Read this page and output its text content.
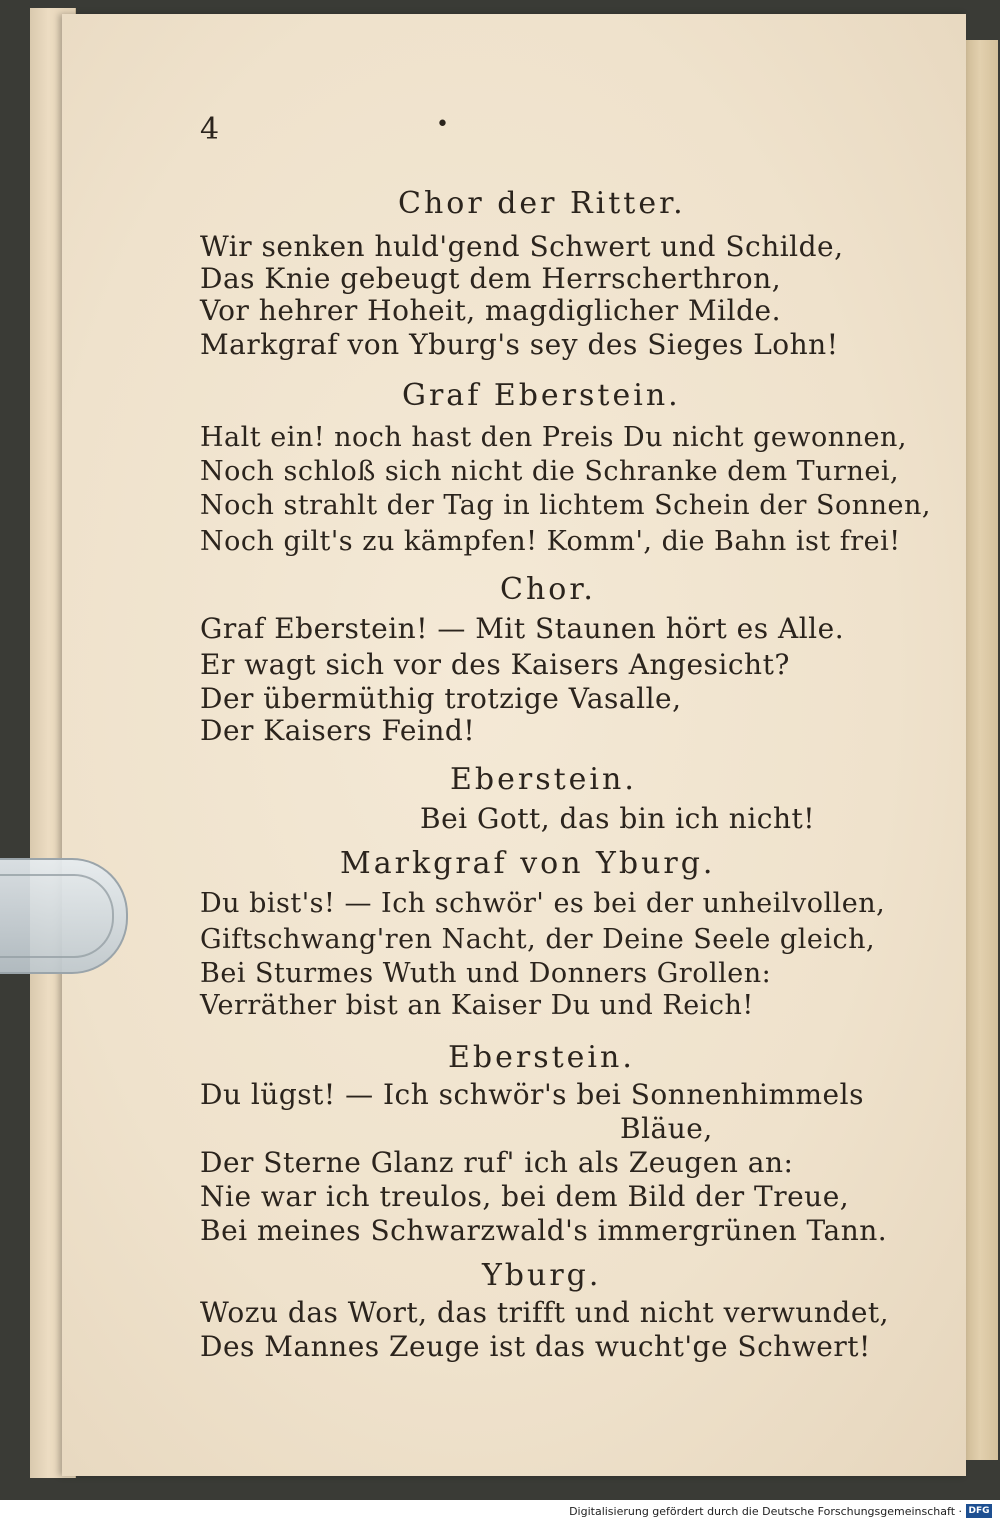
4	•
Chor der Ritter.
Wir senken huld'gend Schwert und Schilde,
Das Knie gebeugt dem Herrscherthron,
Vor hehrer Hoheit, magdiglicher Milde.
Markgraf von Yburg's sey des Sieges Lohn!
Graf Eberstein.
Halt ein! noch hast den Preis Du nicht gewonnen,
Noch schloß sich nicht die Schranke dem Turnei,
Noch strahlt der Tag in lichtem Schein der Sonnen,
Noch gilt's zu kämpfen! Komm', die Bahn ist frei!
Chor.
Graf Eberstein! — Mit Staunen hört es Alle.
Er wagt sich vor des Kaisers Angesicht?
Der übermüthig trotzige Vasalle,
Der Kaisers Feind!
Eberstein.
Bei Gott, das bin ich nicht!
Markgraf von Yburg.
Du bist's! — Ich schwör' es bei der unheilvollen,
Giftschwang'ren Nacht, der Deine Seele gleich,
Bei Sturmes Wuth und Donners Grollen:
Verräther bist an Kaiser Du und Reich!
Eberstein.
Du lügst! — Ich schwör's bei Sonnenhimmels
Bläue,
Der Sterne Glanz ruf' ich als Zeugen an:
Nie war ich treulos, bei dem Bild der Treue,
Bei meines Schwarzwald's immergrünen Tann.
Yburg.
Wozu das Wort, das trifft und nicht verwundet,
Des Mannes Zeuge ist das wucht'ge Schwert!
Digitalisierung gefördert durch die Deutsche Forschungsgemeinschaft · DFG
